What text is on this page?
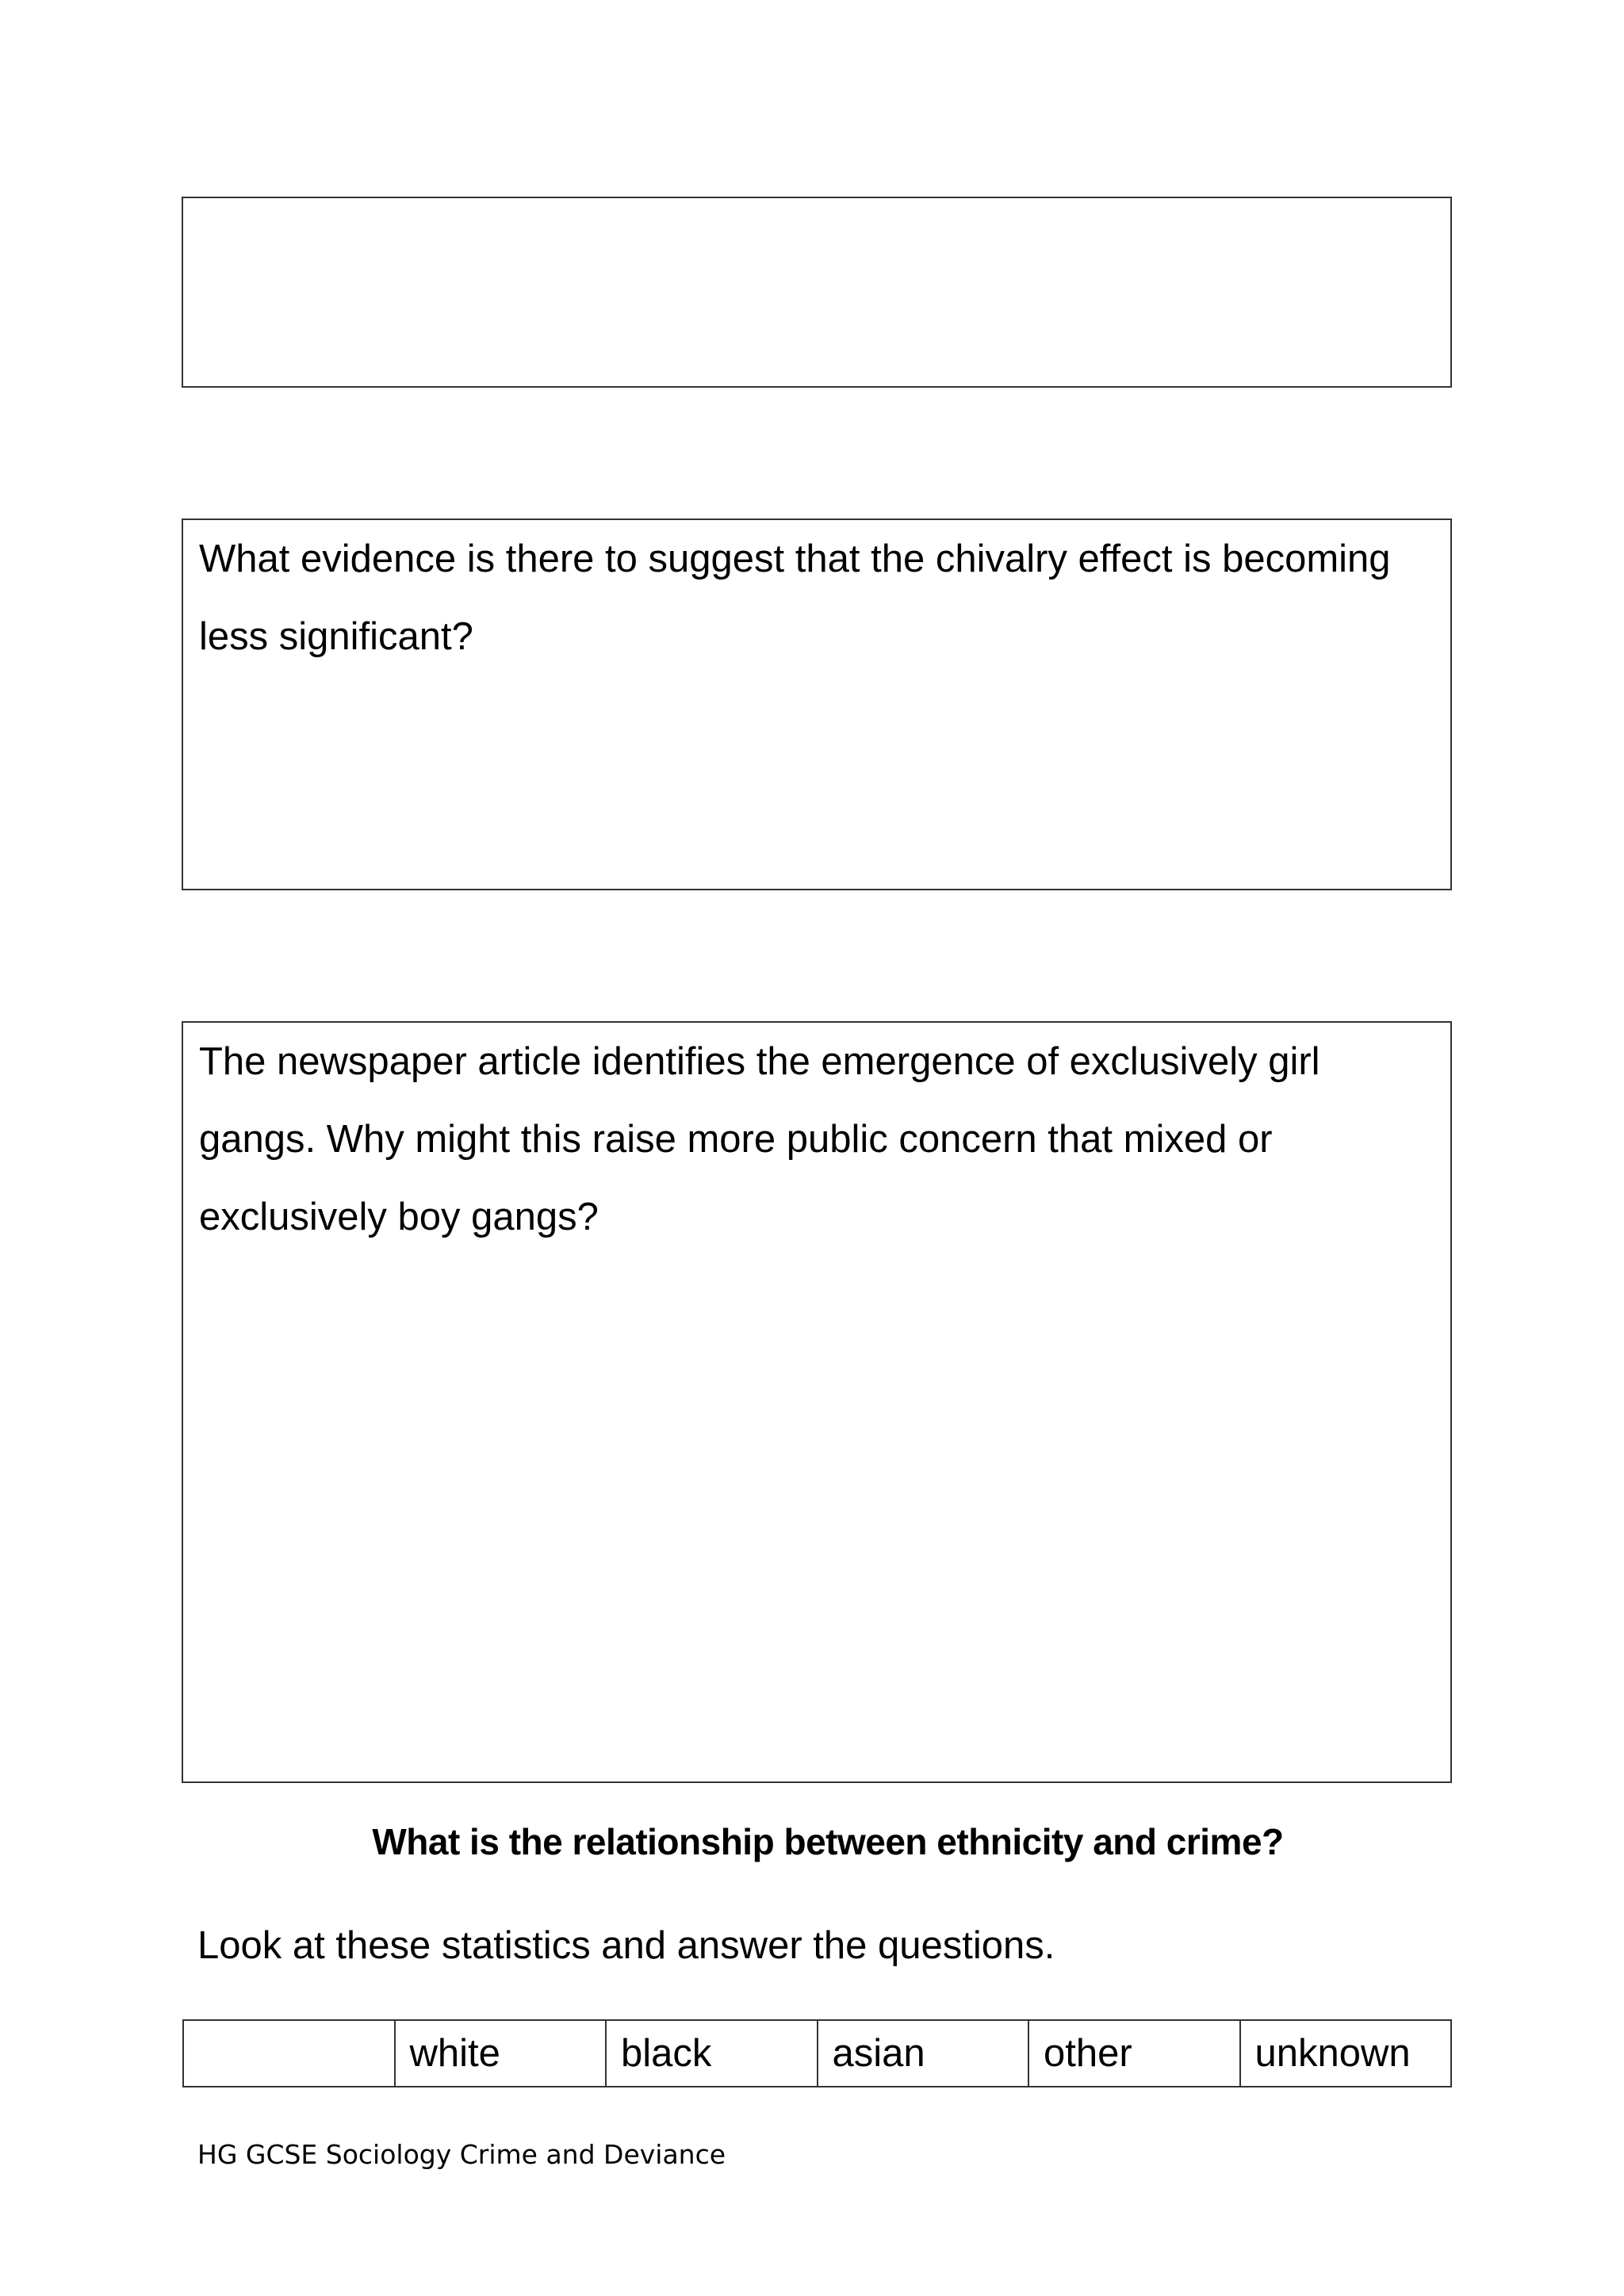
What evidence is there to suggest that the chivalry effect is becoming less significant?

The newspaper article identifies the emergence of exclusively girl gangs. Why might this raise more public concern that mixed or exclusively boy gangs?

What is the relationship between ethnicity and crime?

Look at these statistics and answer the questions.

	white	black	asian	other	unknown

HG GCSE Sociology Crime and Deviance
